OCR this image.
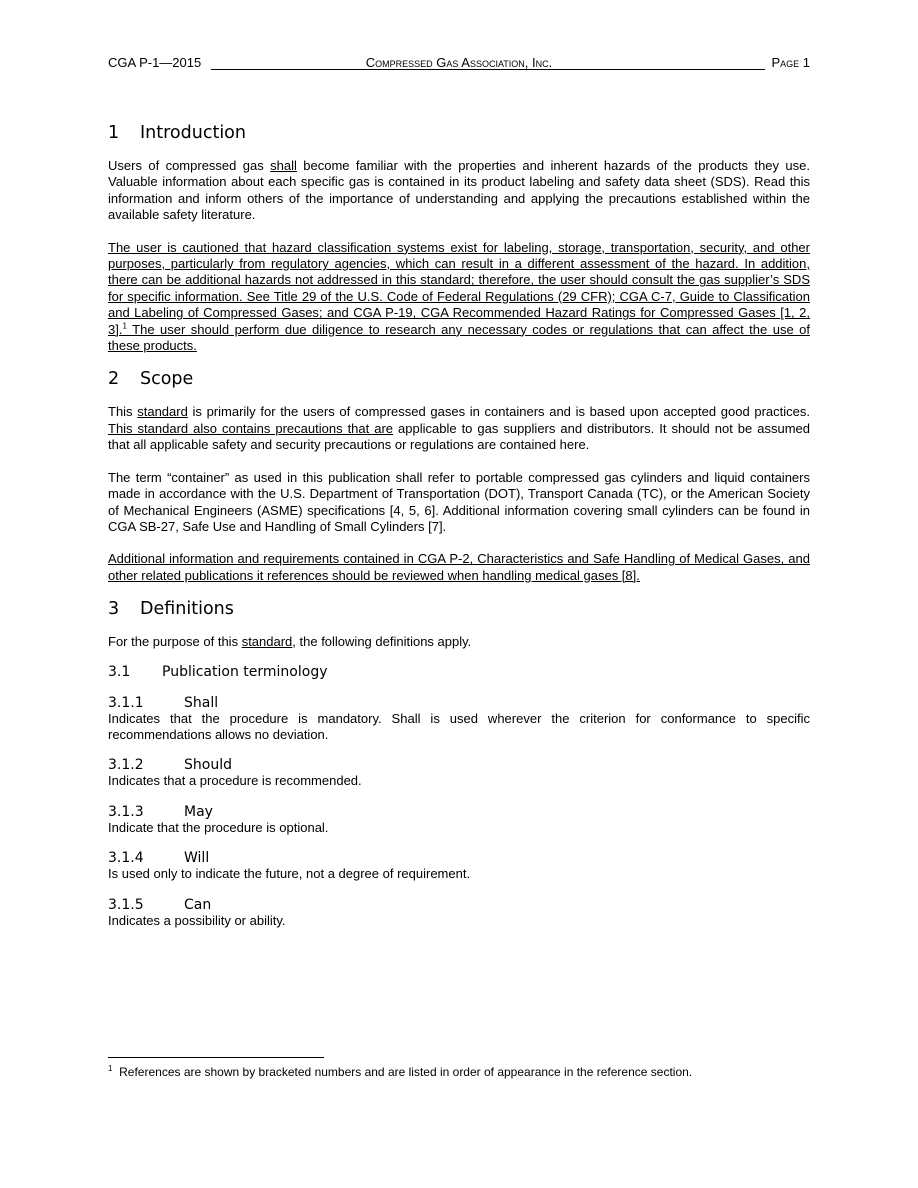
CGA P-1—2015	Compressed Gas Association, Inc.	Page 1
1 Introduction

Users of compressed gas shall become familiar with the properties and inherent hazards of the products they use. Valuable information about each specific gas is contained in its product labeling and safety data sheet (SDS). Read this information and inform others of the importance of understanding and applying the precautions established within the available safety literature.

The user is cautioned that hazard classification systems exist for labeling, storage, transportation, security, and other purposes, particularly from regulatory agencies, which can result in a different assessment of the hazard. In addition, there can be additional hazards not addressed in this standard; therefore, the user should consult the gas supplier’s SDS for specific information. See Title 29 of the U.S. Code of Federal Regulations (29 CFR); CGA C-7, Guide to Classification and Labeling of Compressed Gases; and CGA P-19, CGA Recommended Hazard Ratings for Compressed Gases [1, 2, 3].$^1$ The user should perform due diligence to research any necessary codes or regulations that can affect the use of these products.

2 Scope

This standard is primarily for the users of compressed gases in containers and is based upon accepted good practices. This standard also contains precautions that are applicable to gas suppliers and distributors. It should not be assumed that all applicable safety and security precautions or regulations are contained here.

The term “container” as used in this publication shall refer to portable compressed gas cylinders and liquid containers made in accordance with the U.S. Department of Transportation (DOT), Transport Canada (TC), or the American Society of Mechanical Engineers (ASME) specifications [4, 5, 6]. Additional information covering small cylinders can be found in CGA SB-27, Safe Use and Handling of Small Cylinders [7].

Additional information and requirements contained in CGA P-2, Characteristics and Safe Handling of Medical Gases, and other related publications it references should be reviewed when handling medical gases [8].

3 Definitions

For the purpose of this standard, the following definitions apply.

3.1 Publication terminology
3.1.1	Shall

Indicates that the procedure is mandatory. Shall is used wherever the criterion for conformance to specific recommendations allows no deviation.

3.1.2	Should

Indicates that a procedure is recommended.

3.1.3	May

Indicate that the procedure is optional.

3.1.4	Will

Is used only to indicate the future, not a degree of requirement.

3.1.5	Can

Indicates a possibility or ability.

$^1$ References are shown by bracketed numbers and are listed in order of appearance in the reference section.
